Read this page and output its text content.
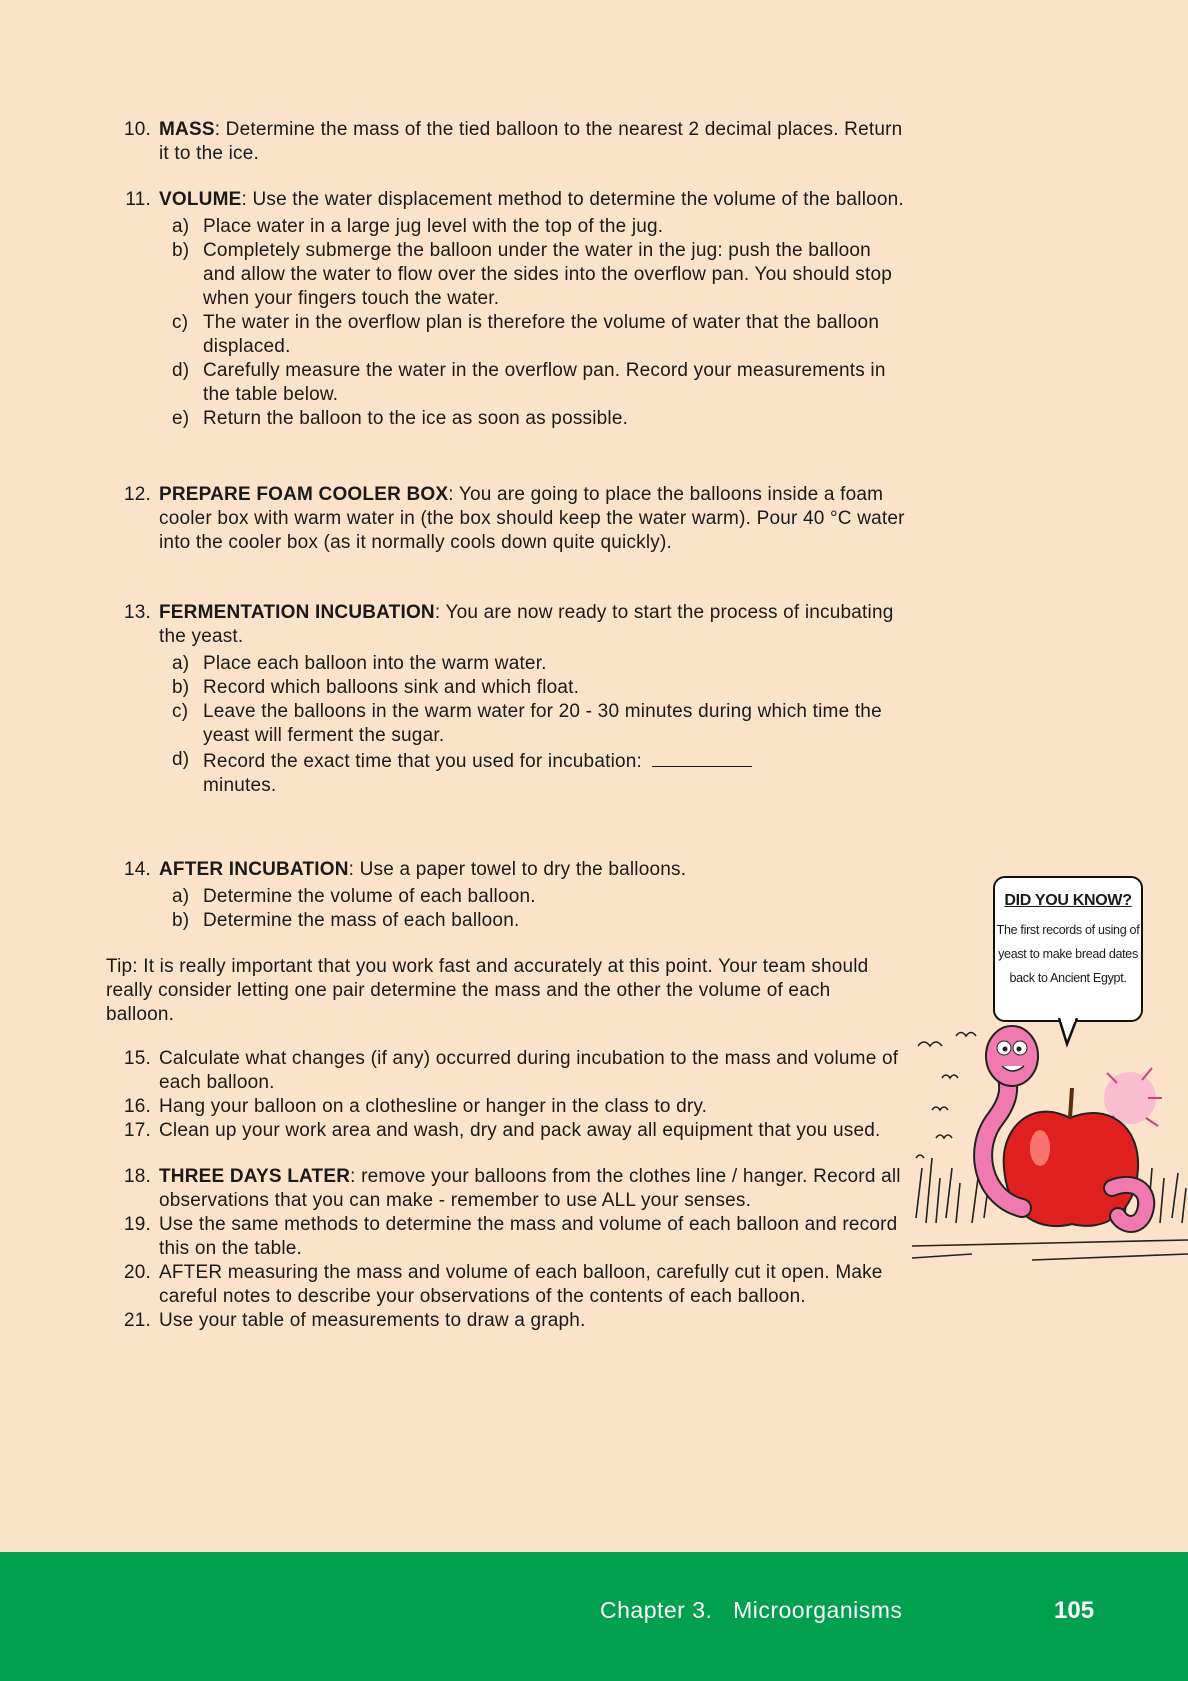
10. MASS: Determine the mass of the tied balloon to the nearest 2 decimal places. Return it to the ice.
11. VOLUME: Use the water displacement method to determine the volume of the balloon.
a) Place water in a large jug level with the top of the jug.
b) Completely submerge the balloon under the water in the jug: push the balloon and allow the water to flow over the sides into the overflow pan. You should stop when your fingers touch the water.
c) The water in the overflow plan is therefore the volume of water that the balloon displaced.
d) Carefully measure the water in the overflow pan. Record your measurements in the table below.
e) Return the balloon to the ice as soon as possible.
12. PREPARE FOAM COOLER BOX: You are going to place the balloons inside a foam cooler box with warm water in (the box should keep the water warm). Pour 40 °C water into the cooler box (as it normally cools down quite quickly).
13. FERMENTATION INCUBATION: You are now ready to start the process of incubating the yeast.
a) Place each balloon into the warm water.
b) Record which balloons sink and which float.
c) Leave the balloons in the warm water for 20 - 30 minutes during which time the yeast will ferment the sugar.
d) Record the exact time that you used for incubation:
minutes.
14. AFTER INCUBATION: Use a paper towel to dry the balloons.
a) Determine the volume of each balloon.
b) Determine the mass of each balloon.
Tip: It is really important that you work fast and accurately at this point. Your team should really consider letting one pair determine the mass and the other the volume of each balloon.
15. Calculate what changes (if any) occurred during incubation to the mass and volume of each balloon.
16. Hang your balloon on a clothesline or hanger in the class to dry.
17. Clean up your work area and wash, dry and pack away all equipment that you used.
18. THREE DAYS LATER: remove your balloons from the clothes line / hanger. Record all observations that you can make - remember to use ALL your senses.
19. Use the same methods to determine the mass and volume of each balloon and record this on the table.
20. AFTER measuring the mass and volume of each balloon, carefully cut it open. Make careful notes to describe your observations of the contents of each balloon.
21. Use your table of measurements to draw a graph.
DID YOU KNOW?
The first records of using of yeast to make bread dates back to Ancient Egypt.
Chapter 3.   Microorganisms	105
